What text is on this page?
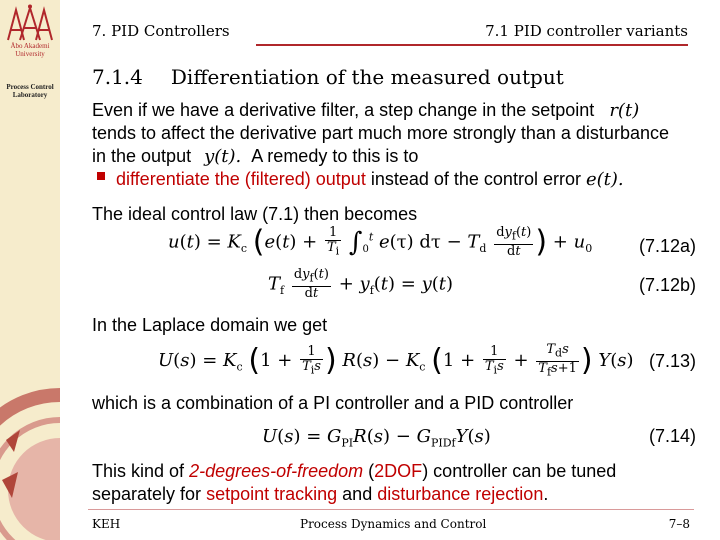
Åbo Akademi University
Process Control Laboratory
7. PID Controllers	7.1 PID controller variants
7.1.4 Differentiation of the measured output
Even if we have a derivative filter, a step change in the setpoint r(t)
tends to affect the derivative part much more strongly than a disturbance
in the output y(t). A remedy to this is to
differentiate the (filtered) output instead of the control error e(t).
The ideal control law (7.1) then becomes
$u(t) = K_c$ ($e(t) + \frac{1}{T_i} \int_0^t$ e(τ) $d\tau - T_d \frac{dy_f(t)}{dt}$ ) + $u_0$	(7.12a)
$T_f \frac{dy_f(t)}{dt} + y_f(t) = y(t)$	(7.12b)
In the Laplace domain we get
$U(s) = K_c$ ($1 + \frac{1}{T_is}$ ) $R(s) - K_c$ ($1 + \frac{1}{T_is} + \frac{T_ds}{T_fs+1}$ ) Y(s) (7.13)
which is a combination of a PI controller and a PID controller
$U(s) = G_{PI}R(s) - G_{PIDf}Y(s)$	(7.14)
This kind of 2-degrees-of-freedom (2DOF) controller can be tuned
separately for setpoint tracking and disturbance rejection.
KEH	Process Dynamics and Control	7–8
